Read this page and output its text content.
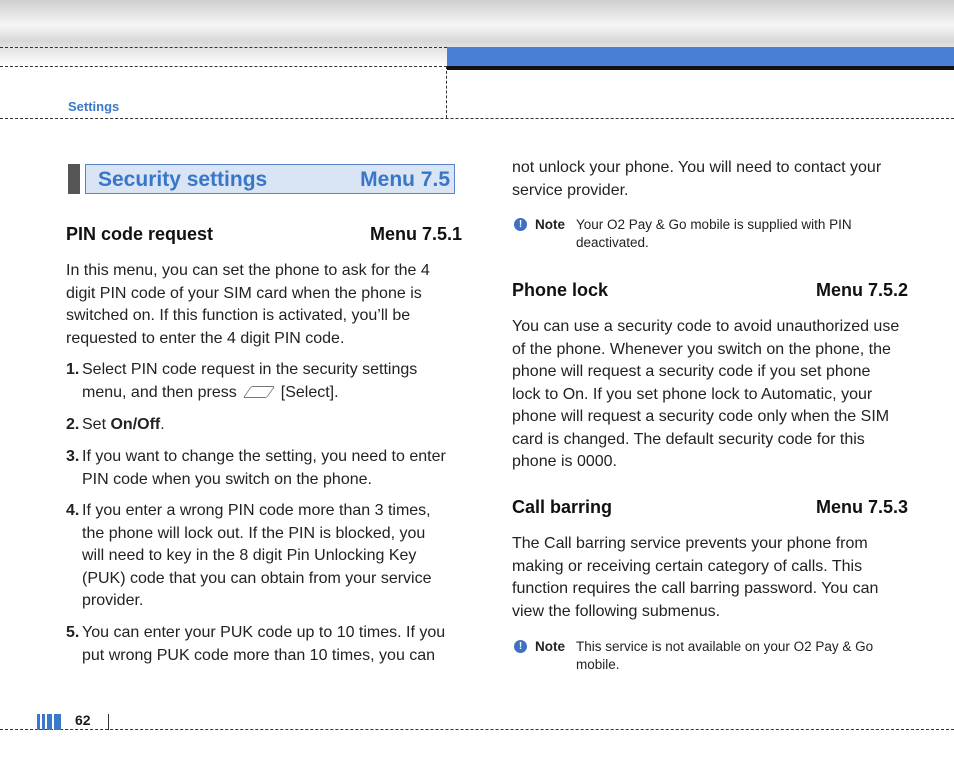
Settings
Security settings	Menu 7.5
PIN code request	Menu 7.5.1
In this menu, you can set the phone to ask for the 4
digit PIN code of your SIM card when the phone is
switched on. If this function is activated, you’ll be
requested to enter the 4 digit PIN code.
1. Select PIN code request in the security settings
menu, and then press	[Select].
2. Set On/Off.
3. If you want to change the setting, you need to enter
PIN code when you switch on the phone.
4. If you enter a wrong PIN code more than 3 times,
the phone will lock out. If the PIN is blocked, you
will need to key in the 8 digit Pin Unlocking Key
(PUK) code that you can obtain from your service
provider.
5. You can enter your PUK code up to 10 times. If you
put wrong PUK code more than 10 times, you can
not unlock your phone. You will need to contact your
service provider.
! Note Your O2 Pay & Go mobile is supplied with PIN
deactivated.
Phone lock	Menu 7.5.2
You can use a security code to avoid unauthorized use
of the phone. Whenever you switch on the phone, the
phone will request a security code if you set phone
lock to On. If you set phone lock to Automatic, your
phone will request a security code only when the SIM
card is changed. The default security code for this
phone is 0000.
Call barring	Menu 7.5.3
The Call barring service prevents your phone from
making or receiving certain category of calls. This
function requires the call barring password. You can
view the following submenus.
! Note This service is not available on your O2 Pay & Go
mobile.
62
